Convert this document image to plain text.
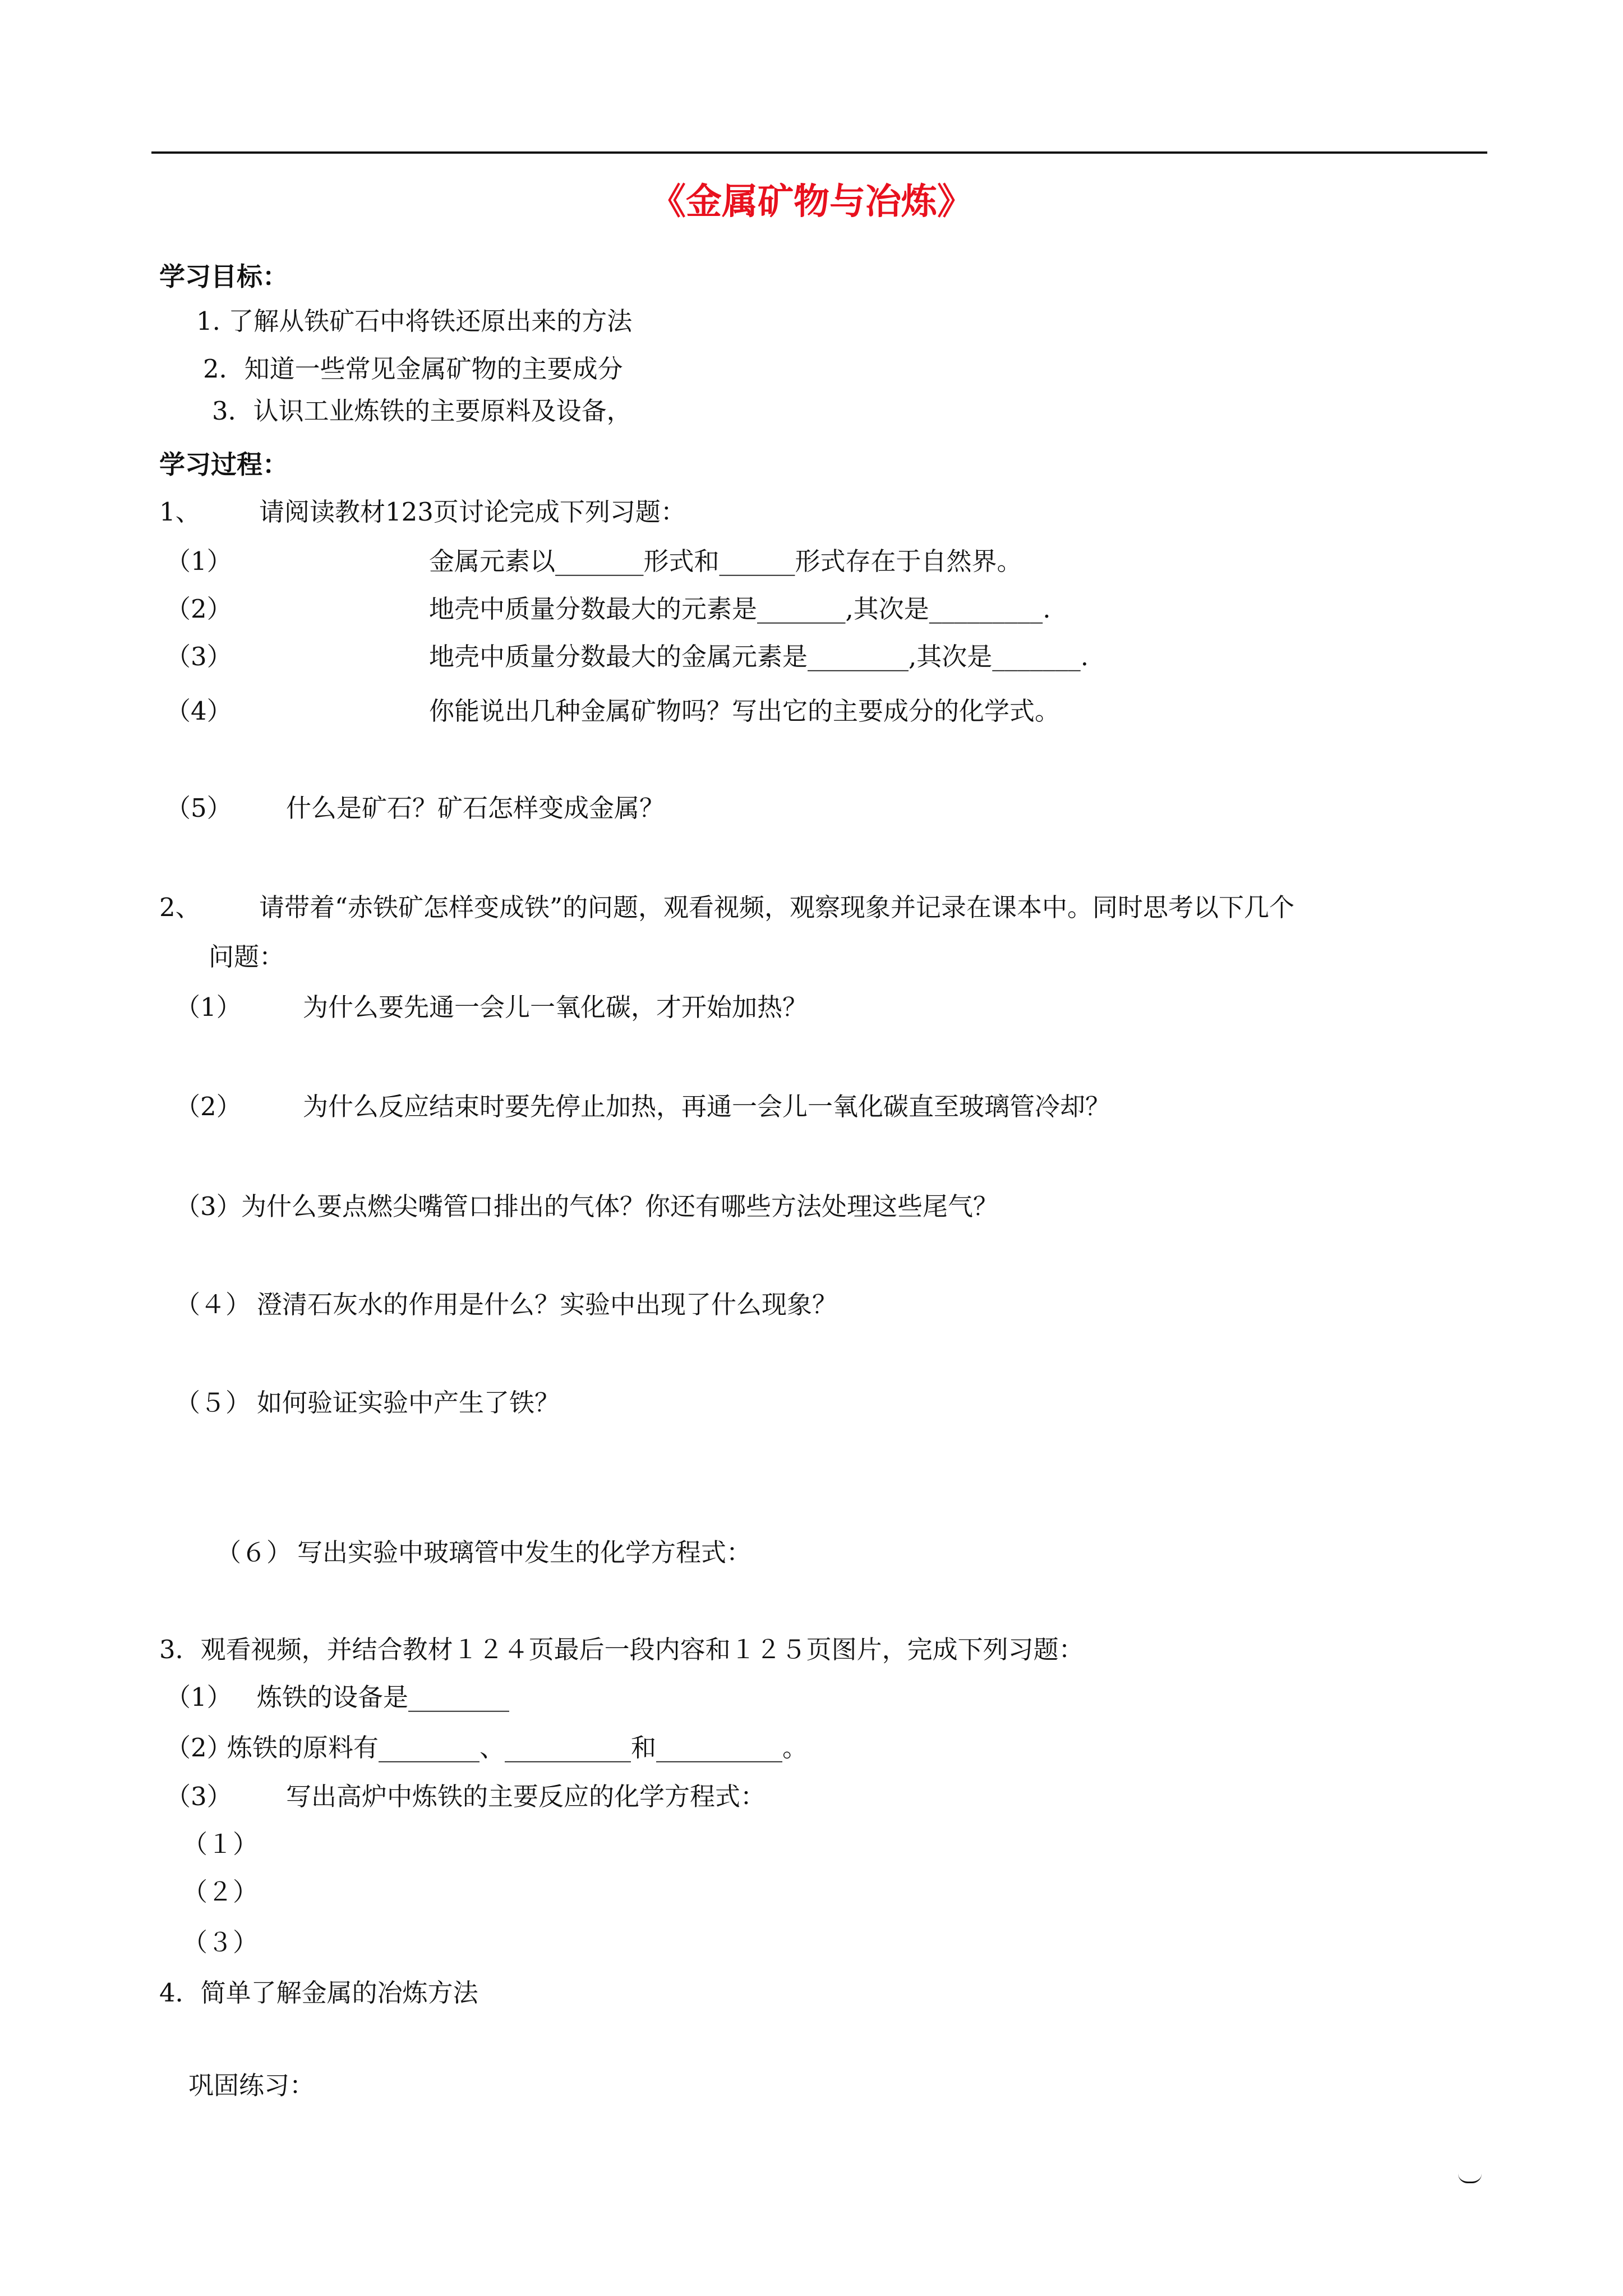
《金属矿物与冶炼》
学习目标：
1. 了解从铁矿石中将铁还原出来的方法
2．知道一些常见金属矿物的主要成分
3．认识工业炼铁的主要原料及设备，
学习过程：
1、 请阅读教材123页讨论完成下列习题：
（1）	金属元素以_______形式和______形式存在于自然界。
（2）	地壳中质量分数最大的元素是_______,其次是_________.
（3）	地壳中质量分数最大的金属元素是________,其次是_______.
（4）	你能说出几种金属矿物吗？写出它的主要成分的化学式。
（5） 什么是矿石？矿石怎样变成金属？
2、 请带着“赤铁矿怎样变成铁”的问题，观看视频，观察现象并记录在课本中。同时思考以下几个
问题：
（1） 为什么要先通一会儿一氧化碳，才开始加热？
（2） 为什么反应结束时要先停止加热，再通一会儿一氧化碳直至玻璃管冷却？
（3） 为什么要点燃尖嘴管口排出的气体？你还有哪些方法处理这些尾气？
（４） 澄清石灰水的作用是什么？实验中出现了什么现象？
（５） 如何验证实验中产生了铁？
（６） 写出实验中玻璃管中发生的化学方程式：
3．观看视频，并结合教材１２４页最后一段内容和１２５页图片，完成下列习题：
（1） 炼铁的设备是________
（2）
炼铁的原料有________、__________和__________。
（3） 写出高炉中炼铁的主要反应的化学方程式：
（１）
（２）
（３）
4．简单了解金属的冶炼方法
巩固练习：
